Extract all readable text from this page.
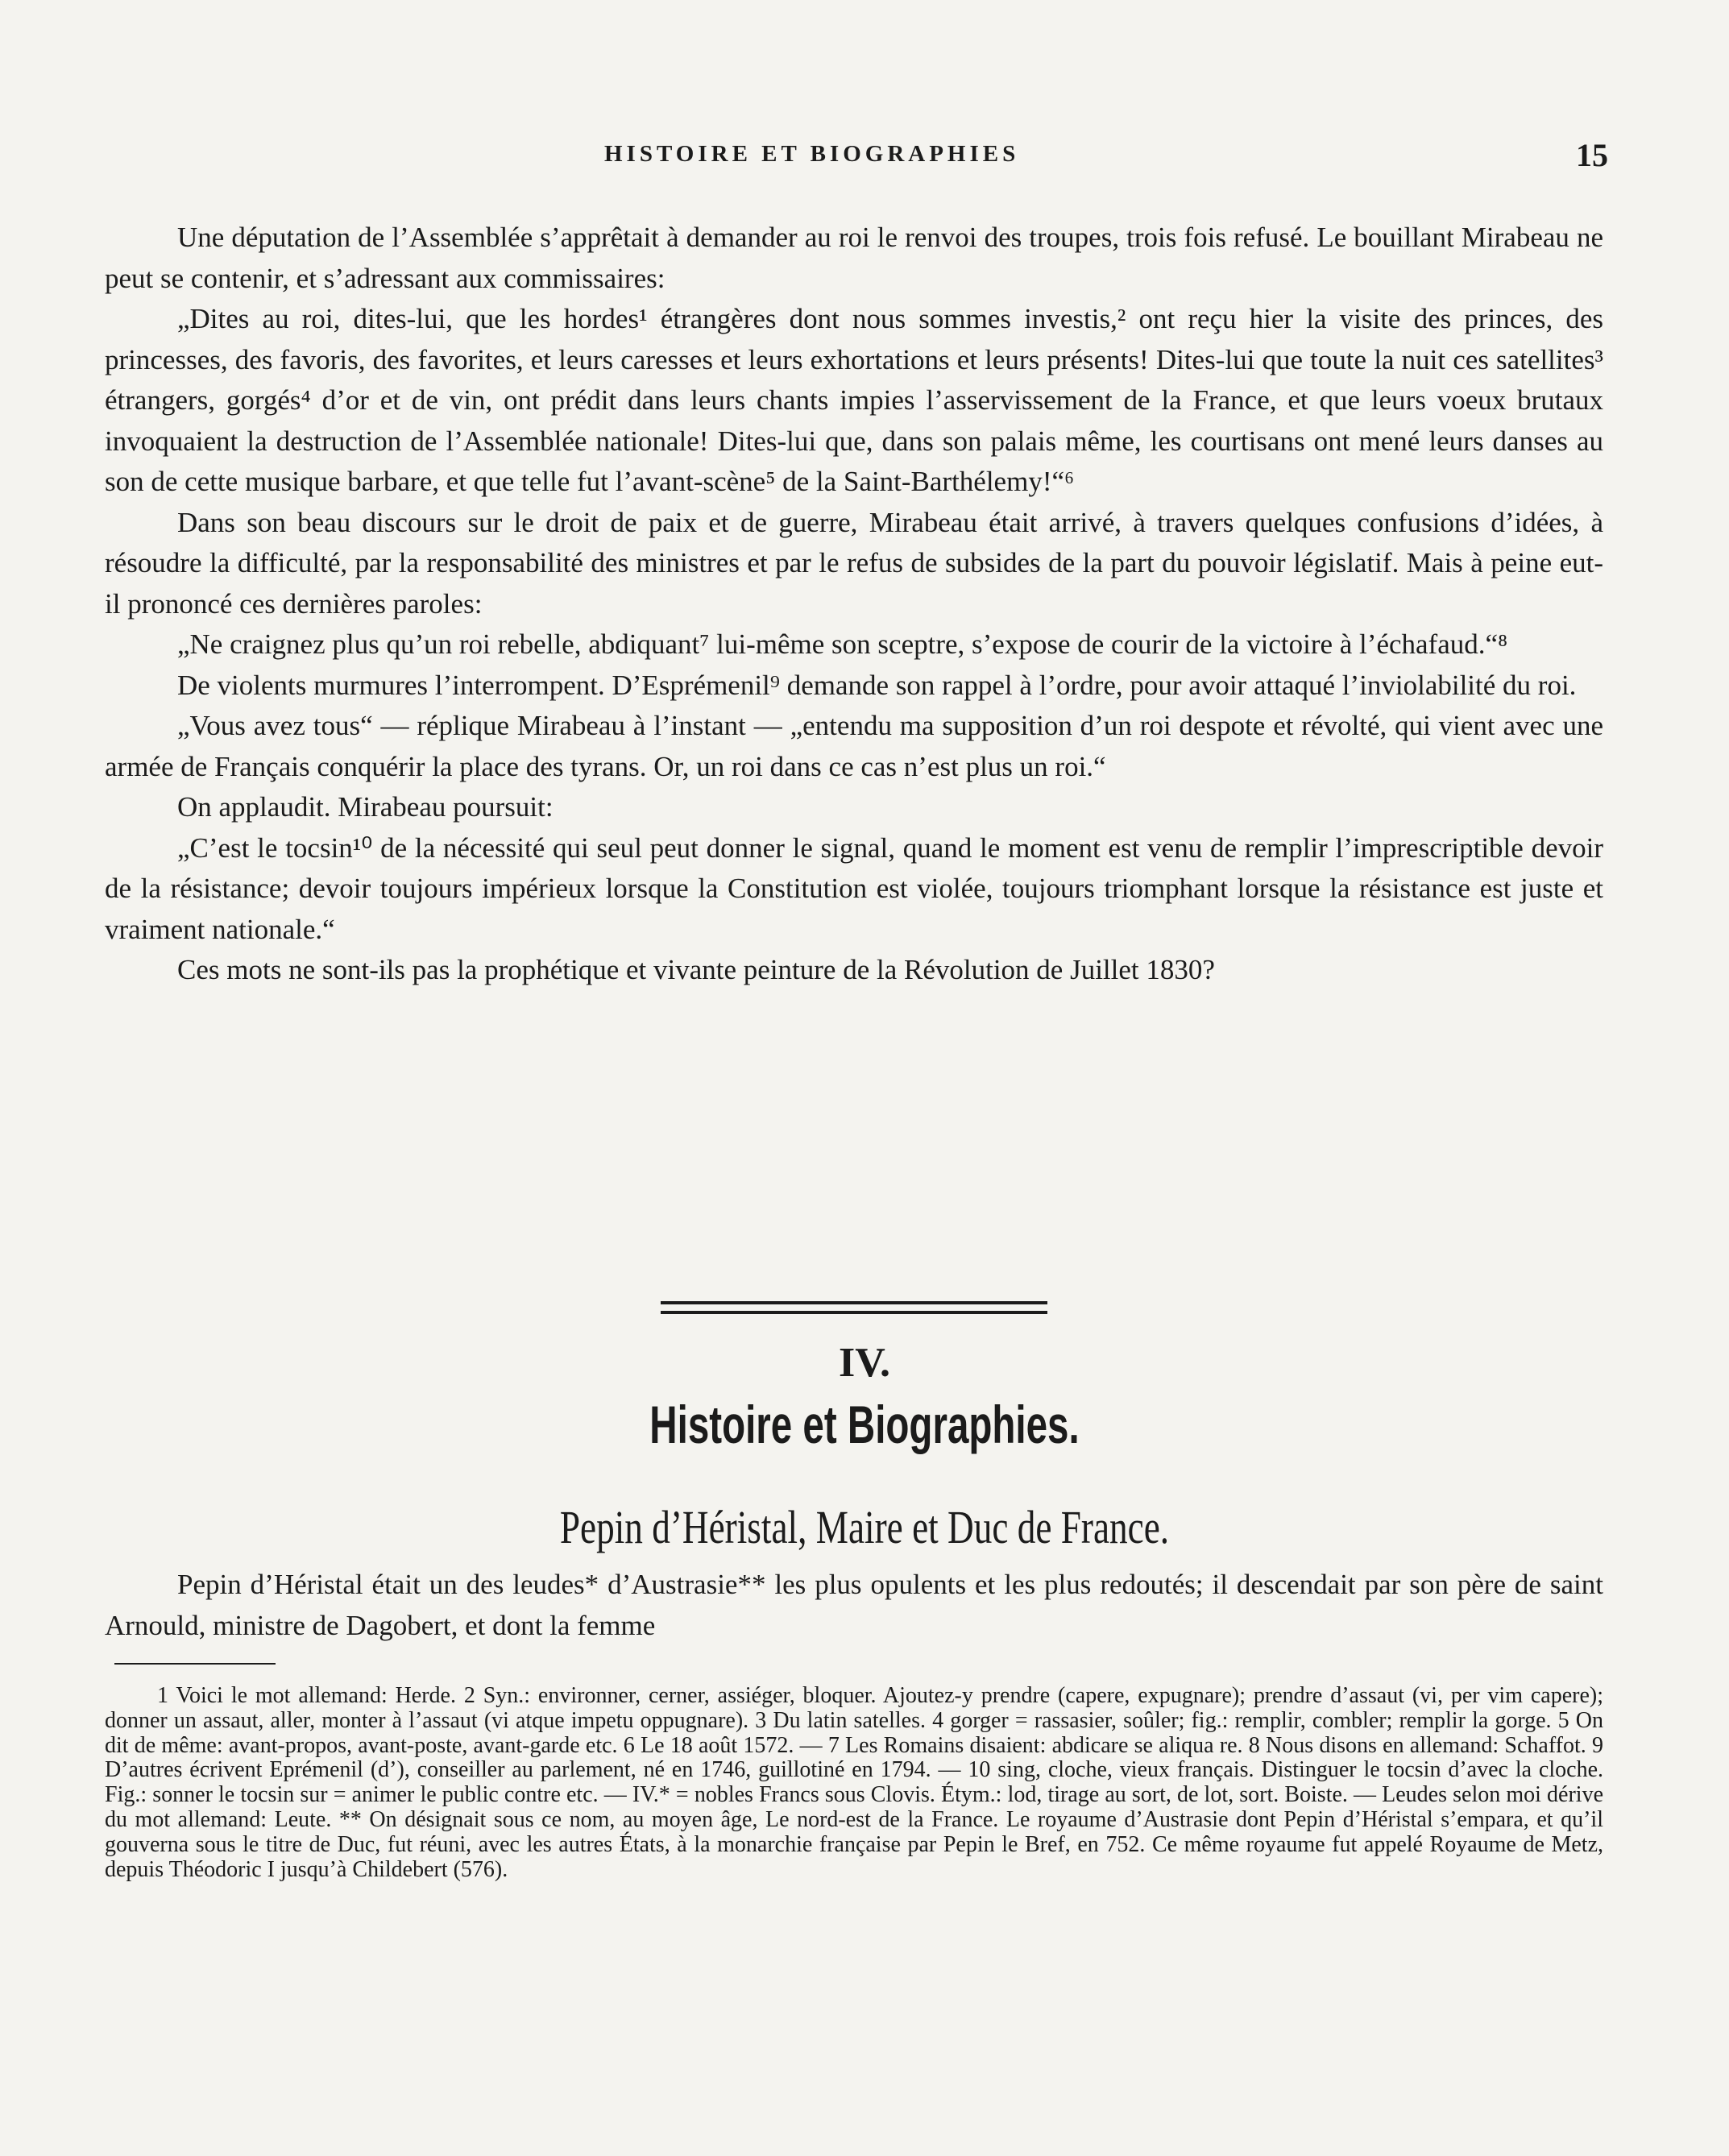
HISTOIRE ET BIOGRAPHIES	15

Une députation de l’Assemblée s’apprêtait à demander au roi le renvoi des troupes, trois fois refusé. Le bouillant Mirabeau ne peut se contenir, et s’adressant aux commissaires:

„Dites au roi, dites-lui, que les hordes¹ étrangères dont nous sommes investis,² ont reçu hier la visite des princes, des princesses, des favoris, des favorites, et leurs caresses et leurs exhortations et leurs présents! Dites-lui que toute la nuit ces satellites³ étrangers, gorgés⁴ d’or et de vin, ont prédit dans leurs chants impies l’asservissement de la France, et que leurs voeux brutaux invoquaient la destruction de l’Assemblée nationale! Dites-lui que, dans son palais même, les courtisans ont mené leurs danses au son de cette musique barbare, et que telle fut l’avant-scène⁵ de la Saint-Barthélemy!“⁶

Dans son beau discours sur le droit de paix et de guerre, Mirabeau était arrivé, à travers quelques confusions d’idées, à résoudre la difficulté, par la responsabilité des ministres et par le refus de subsides de la part du pouvoir législatif. Mais à peine eut-il prononcé ces dernières paroles:

„Ne craignez plus qu’un roi rebelle, abdiquant⁷ lui-même son sceptre, s’expose de courir de la victoire à l’échafaud.“⁸

De violents murmures l’interrompent. D’Esprémenil⁹ demande son rappel à l’ordre, pour avoir attaqué l’inviolabilité du roi.

„Vous avez tous“ — réplique Mirabeau à l’instant — „entendu ma supposition d’un roi despote et révolté, qui vient avec une armée de Français conquérir la place des tyrans. Or, un roi dans ce cas n’est plus un roi.“

On applaudit. Mirabeau poursuit:

„C’est le tocsin¹⁰ de la nécessité qui seul peut donner le signal, quand le moment est venu de remplir l’imprescriptible devoir de la résistance; devoir toujours impérieux lorsque la Constitution est violée, toujours triomphant lorsque la résistance est juste et vraiment nationale.“

Ces mots ne sont-ils pas la prophétique et vivante peinture de la Révolution de Juillet 1830?

IV.
Histoire et Biographies.
Pepin d’Héristal, Maire et Duc de France.

Pepin d’Héristal était un des leudes* d’Austrasie** les plus opulents et les plus redoutés; il descendait par son père de saint Arnould, ministre de Dagobert, et dont la femme

1 Voici le mot allemand: Herde. 2 Syn.: environner, cerner, assiéger, bloquer. Ajoutez-y prendre (capere, expugnare); prendre d’assaut (vi, per vim capere); donner un assaut, aller, monter à l’assaut (vi atque impetu oppugnare). 3 Du latin satelles. 4 gorger = rassasier, soûler; fig.: remplir, combler; remplir la gorge. 5 On dit de même: avant-propos, avant-poste, avant-garde etc. 6 Le 18 août 1572. — 7 Les Romains disaient: abdicare se aliqua re. 8 Nous disons en allemand: Schaffot. 9 D’autres écrivent Eprémenil (d’), conseiller au parlement, né en 1746, guillotiné en 1794. — 10 sing, cloche, vieux français. Distinguer le tocsin d’avec la cloche. Fig.: sonner le tocsin sur = animer le public contre etc. — IV.* = nobles Francs sous Clovis. Étym.: lod, tirage au sort, de lot, sort. Boiste. — Leudes selon moi dérive du mot allemand: Leute. ** On désignait sous ce nom, au moyen âge, Le nord-est de la France. Le royaume d’Austrasie dont Pepin d’Héristal s’empara, et qu’il gouverna sous le titre de Duc, fut réuni, avec les autres États, à la monarchie française par Pepin le Bref, en 752. Ce même royaume fut appelé Royaume de Metz, depuis Théodoric I jusqu’à Childebert (576).
